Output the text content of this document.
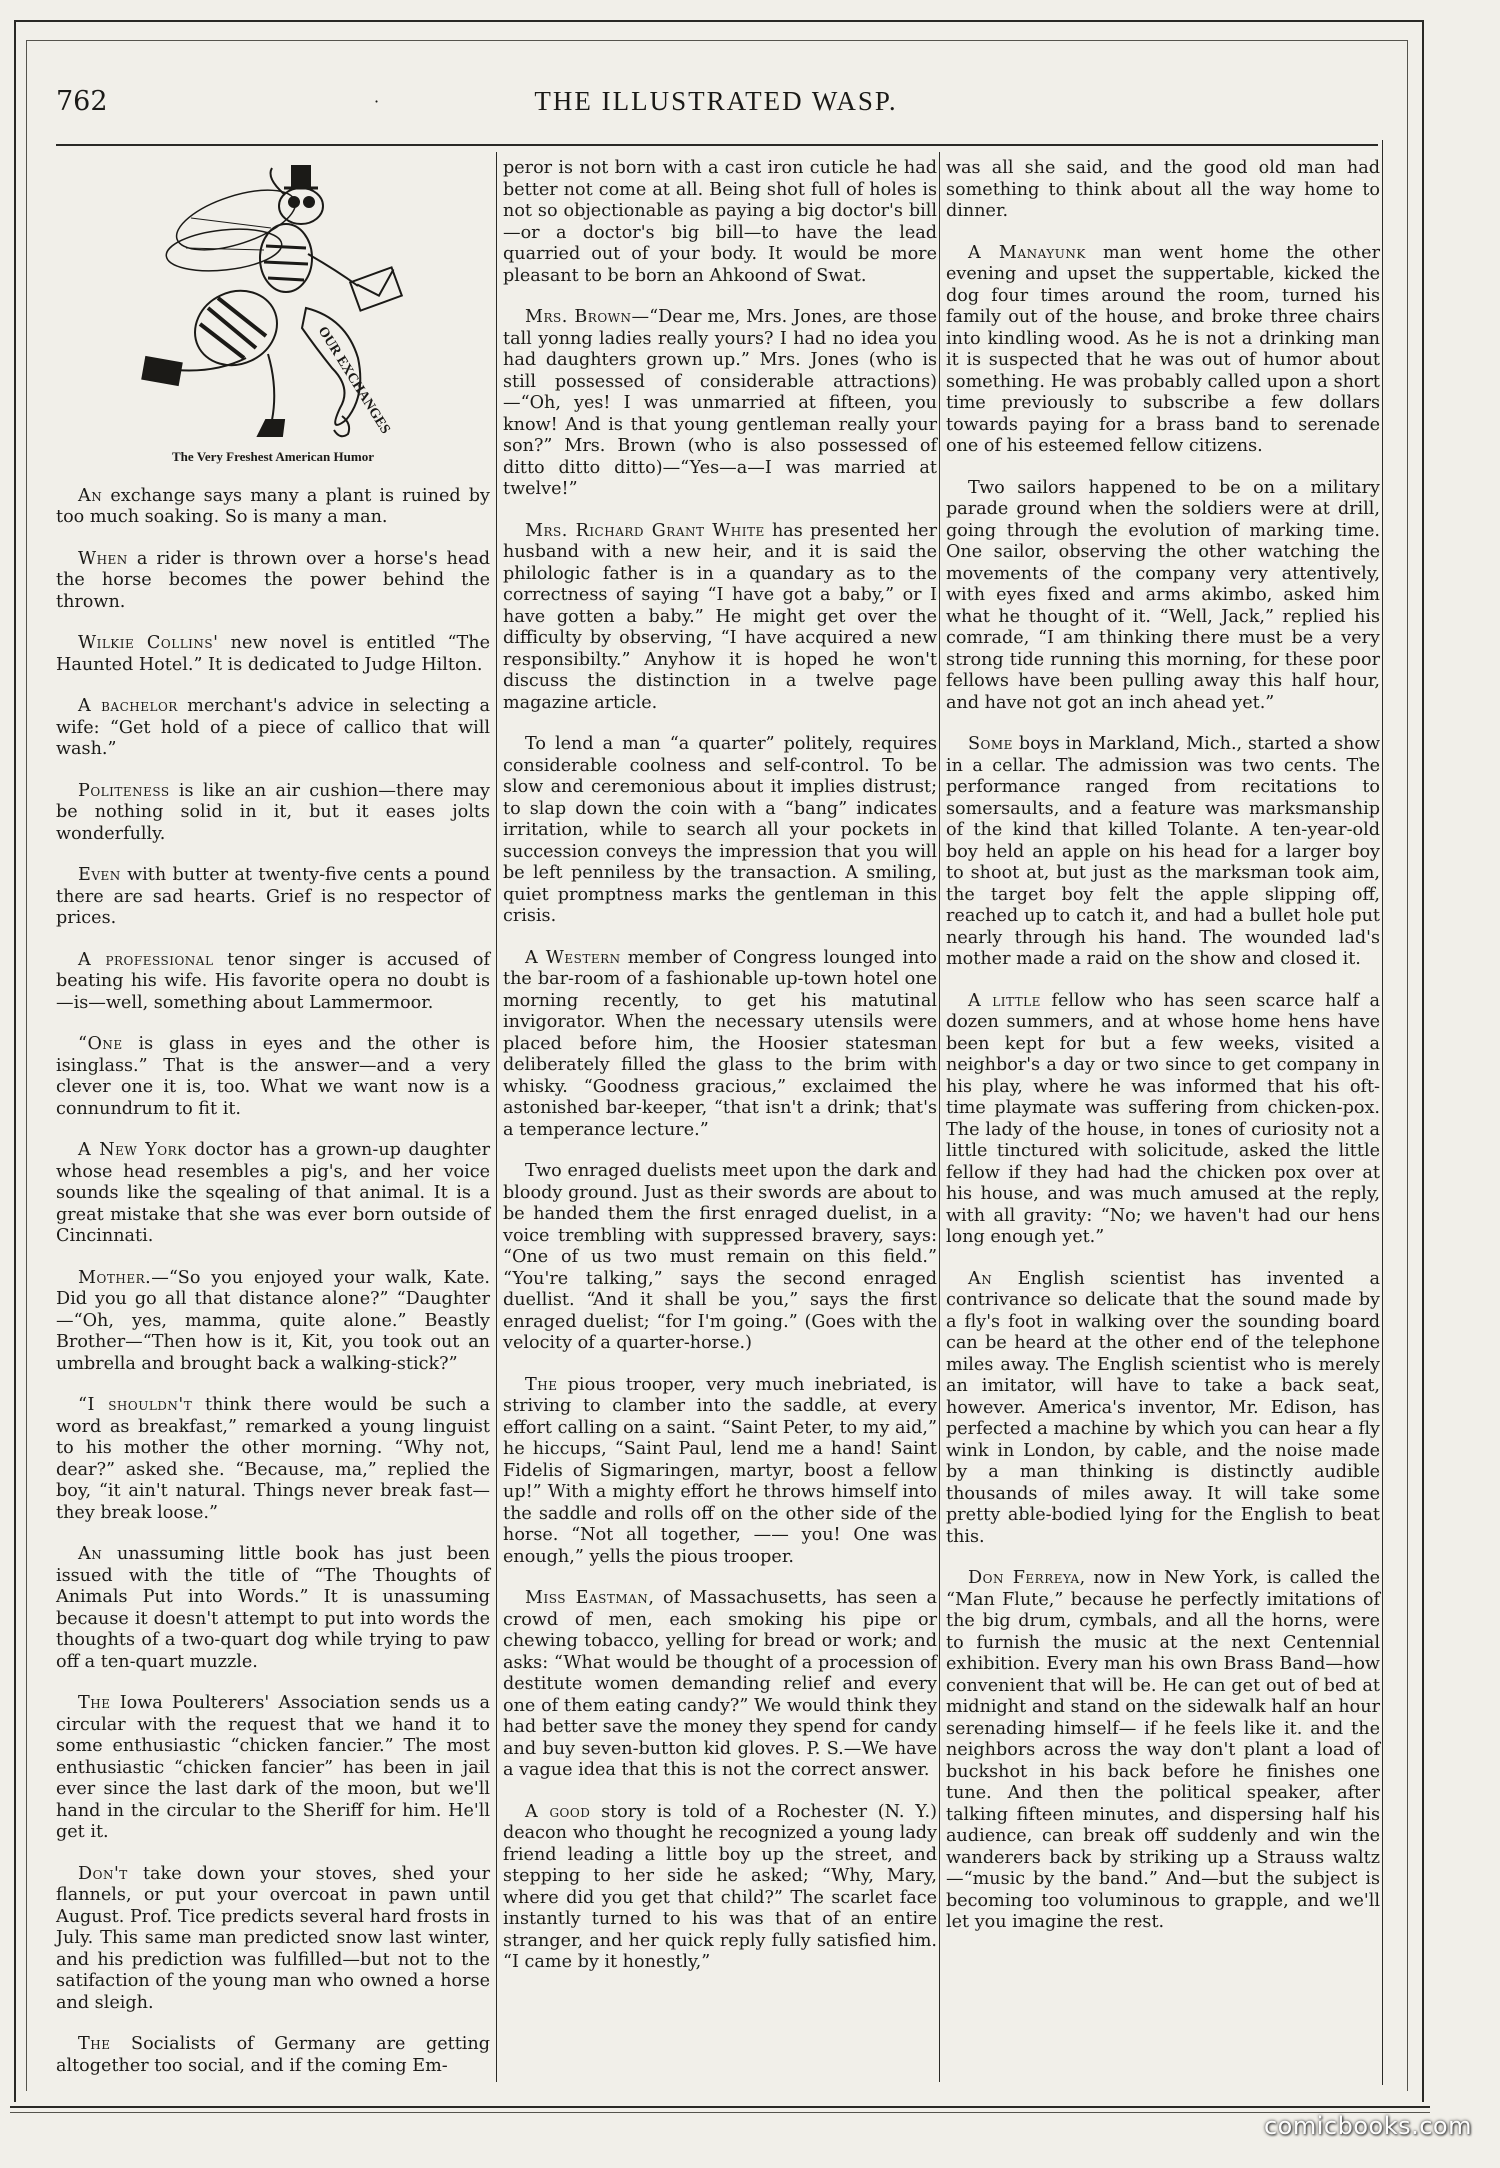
762	·	THE ILLUSTRATED WASP.
OUR EXCHANGES
The Very Freshest American Humor

An exchange says many a plant is ruined by too much soaking. So is many a man.

When a rider is thrown over a horse's head the horse becomes the power behind the thrown.

Wilkie Collins' new novel is entitled “The Haunted Hotel.” It is dedicated to Judge Hilton.

A bachelor merchant's advice in selecting a wife: “Get hold of a piece of callico that will wash.”

Politeness is like an air cushion—there may be nothing solid in it, but it eases jolts wonderfully.

Even with butter at twenty-five cents a pound there are sad hearts. Grief is no respector of prices.

A professional tenor singer is accused of beating his wife. His favorite opera no doubt is—is—well, something about Lammermoor.

“One is glass in eyes and the other is isinglass.” That is the answer—and a very clever one it is, too. What we want now is a connundrum to fit it.

A New York doctor has a grown-up daughter whose head resembles a pig's, and her voice sounds like the sqealing of that animal. It is a great mistake that she was ever born outside of Cincinnati.

Mother.—“So you enjoyed your walk, Kate. Did you go all that distance alone?” “Daughter—“Oh, yes, mamma, quite alone.” Beastly Brother—“Then how is it, Kit, you took out an umbrella and brought back a walking-stick?”

“I shouldn't think there would be such a word as breakfast,” remarked a young linguist to his mother the other morning. “Why not, dear?” asked she. “Because, ma,” replied the boy, “it ain't natural. Things never break fast—they break loose.”

An unassuming little book has just been issued with the title of “The Thoughts of Animals Put into Words.” It is unassuming because it doesn't attempt to put into words the thoughts of a two-quart dog while trying to paw off a ten-quart muzzle.

The Iowa Poulterers' Association sends us a circular with the request that we hand it to some enthusiastic “chicken fancier.” The most enthusiastic “chicken fancier” has been in jail ever since the last dark of the moon, but we'll hand in the circular to the Sheriff for him. He'll get it.

Don't take down your stoves, shed your flannels, or put your overcoat in pawn until August. Prof. Tice predicts several hard frosts in July. This same man predicted snow last winter, and his prediction was fulfilled—but not to the satifaction of the young man who owned a horse and sleigh.

The Socialists of Germany are getting altogether too social, and if the coming Em-

peror is not born with a cast iron cuticle he had better not come at all. Being shot full of holes is not so objectionable as paying a big doctor's bill—or a doctor's big bill—to have the lead quarried out of your body. It would be more pleasant to be born an Ahkoond of Swat.

Mrs. Brown—“Dear me, Mrs. Jones, are those tall yonng ladies really yours? I had no idea you had daughters grown up.” Mrs. Jones (who is still possessed of considerable attractions)—“Oh, yes! I was unmarried at fifteen, you know! And is that young gentleman really your son?” Mrs. Brown (who is also possessed of ditto ditto ditto)—“Yes—a—I was married at twelve!”

Mrs. Richard Grant White has presented her husband with a new heir, and it is said the philologic father is in a quandary as to the correctness of saying “I have got a baby,” or I have gotten a baby.” He might get over the difficulty by observing, “I have acquired a new responsibilty.” Anyhow it is hoped he won't discuss the distinction in a twelve page magazine article.

To lend a man “a quarter” politely, requires considerable coolness and self-control. To be slow and ceremonious about it implies distrust; to slap down the coin with a “bang” indicates irritation, while to search all your pockets in succession conveys the impression that you will be left penniless by the transaction. A smiling, quiet promptness marks the gentleman in this crisis.

A Western member of Congress lounged into the bar-room of a fashionable up-town hotel one morning recently, to get his matutinal invigorator. When the necessary utensils were placed before him, the Hoosier statesman deliberately filled the glass to the brim with whisky. “Goodness gracious,” exclaimed the astonished bar-keeper, “that isn't a drink; that's a temperance lecture.”

Two enraged duelists meet upon the dark and bloody ground. Just as their swords are about to be handed them the first enraged duelist, in a voice trembling with suppressed bravery, says: “One of us two must remain on this field.” “You're talking,” says the second enraged duellist. “And it shall be you,” says the first enraged duelist; “for I'm going.” (Goes with the velocity of a quarter-horse.)

The pious trooper, very much inebriated, is striving to clamber into the saddle, at every effort calling on a saint. “Saint Peter, to my aid,” he hiccups, “Saint Paul, lend me a hand! Saint Fidelis of Sigmaringen, martyr, boost a fellow up!” With a mighty effort he throws himself into the saddle and rolls off on the other side of the horse. “Not all together, —— you! One was enough,” yells the pious trooper.

Miss Eastman, of Massachusetts, has seen a crowd of men, each smoking his pipe or chewing tobacco, yelling for bread or work; and asks: “What would be thought of a procession of destitute women demanding relief and every one of them eating candy?” We would think they had better save the money they spend for candy and buy seven-button kid gloves. P. S.—We have a vague idea that this is not the correct answer.

A good story is told of a Rochester (N. Y.) deacon who thought he recognized a young lady friend leading a little boy up the street, and stepping to her side he asked; “Why, Mary, where did you get that child?” The scarlet face instantly turned to his was that of an entire stranger, and her quick reply fully satisfied him. “I came by it honestly,”

was all she said, and the good old man had something to think about all the way home to dinner.

A Manayunk man went home the other evening and upset the suppertable, kicked the dog four times around the room, turned his family out of the house, and broke three chairs into kindling wood. As he is not a drinking man it is suspected that he was out of humor about something. He was probably called upon a short time previously to subscribe a few dollars towards paying for a brass band to serenade one of his esteemed fellow citizens.

Two sailors happened to be on a military parade ground when the soldiers were at drill, going through the evolution of marking time. One sailor, observing the other watching the movements of the company very attentively, with eyes fixed and arms akimbo, asked him what he thought of it. “Well, Jack,” replied his comrade, “I am thinking there must be a very strong tide running this morning, for these poor fellows have been pulling away this half hour, and have not got an inch ahead yet.”

Some boys in Markland, Mich., started a show in a cellar. The admission was two cents. The performance ranged from recitations to somersaults, and a feature was marksmanship of the kind that killed Tolante. A ten-year-old boy held an apple on his head for a larger boy to shoot at, but just as the marksman took aim, the target boy felt the apple slipping off, reached up to catch it, and had a bullet hole put nearly through his hand. The wounded lad's mother made a raid on the show and closed it.

A little fellow who has seen scarce half a dozen summers, and at whose home hens have been kept for but a few weeks, visited a neighbor's a day or two since to get company in his play, where he was informed that his oft-time playmate was suffering from chicken-pox. The lady of the house, in tones of curiosity not a little tinctured with solicitude, asked the little fellow if they had had the chicken pox over at his house, and was much amused at the reply, with all gravity: “No; we haven't had our hens long enough yet.”

An English scientist has invented a contrivance so delicate that the sound made by a fly's foot in walking over the sounding board can be heard at the other end of the telephone miles away. The English scientist who is merely an imitator, will have to take a back seat, however. America's inventor, Mr. Edison, has perfected a machine by which you can hear a fly wink in London, by cable, and the noise made by a man thinking is distinctly audible thousands of miles away. It will take some pretty able-bodied lying for the English to beat this.

Don Ferreya, now in New York, is called the “Man Flute,” because he perfectly imitations of the big drum, cymbals, and all the horns, were to furnish the music at the next Centennial exhibition. Every man his own Brass Band—how convenient that will be. He can get out of bed at midnight and stand on the sidewalk half an hour serenading himself— if he feels like it. and the neighbors across the way don't plant a load of buckshot in his back before he finishes one tune. And then the political speaker, after talking fifteen minutes, and dispersing half his audience, can break off suddenly and win the wanderers back by striking up a Strauss waltz—“music by the band.” And—but the subject is becoming too voluminous to grapple, and we'll let you imagine the rest.

comicbooks.com
